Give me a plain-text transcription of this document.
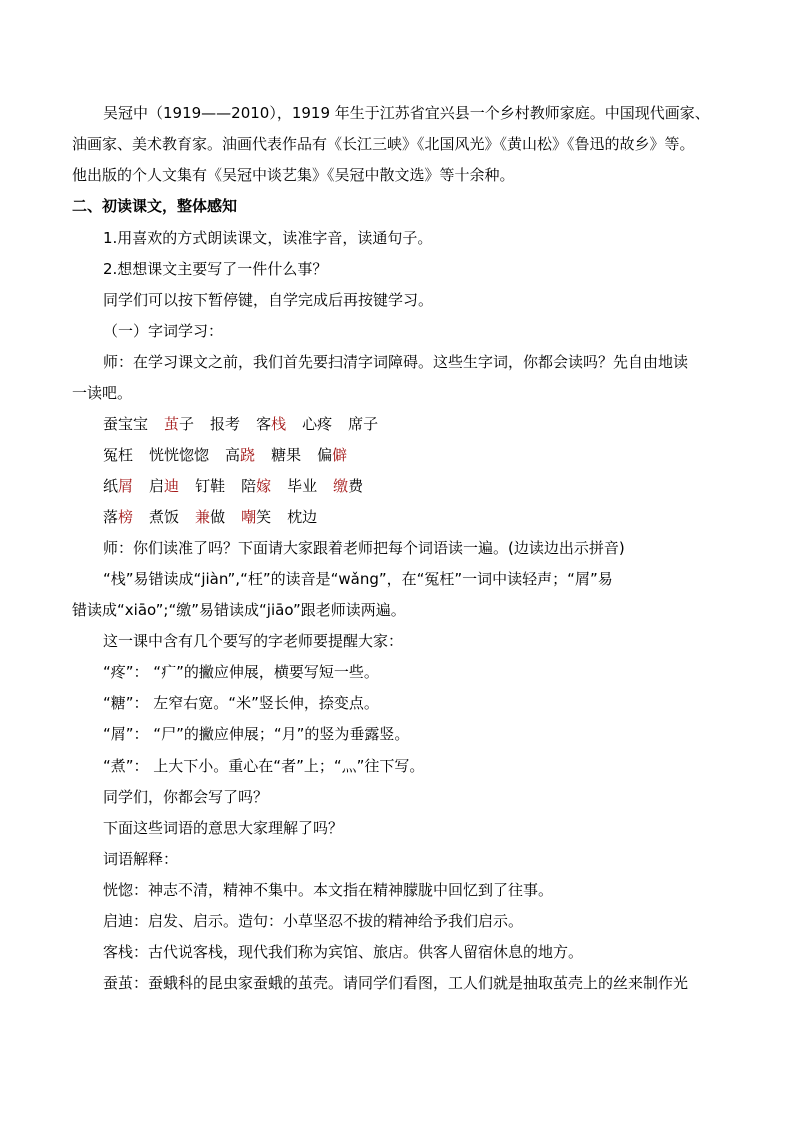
吴冠中（1919——2010），1919 年生于江苏省宜兴县一个乡村教师家庭。中国现代画家、
油画家、美术教育家。油画代表作品有《长江三峡》《北国风光》《黄山松》《鲁迅的故乡》等。
他出版的个人文集有《吴冠中谈艺集》《吴冠中散文选》等十余种。
二、初读课文，整体感知
1.用喜欢的方式朗读课文，读准字音，读通句子。
2.想想课文主要写了一件什么事？
同学们可以按下暂停键，自学完成后再按键学习。
（一）字词学习：
师：在学习课文之前，我们首先要扫清字词障碍。这些生字词，你都会读吗？先自由地读
一读吧。
蚕宝宝 茧子 报考 客栈 心疼 席子
冤枉 恍恍惚惚 高跷 糖果 偏僻
纸屑 启迪 钉鞋 陪嫁 毕业 缴费
落榜 煮饭 兼做 嘲笑 枕边
师：你们读准了吗？下面请大家跟着老师把每个词语读一遍。(边读边出示拼音)
“栈”易错读成“jiàn”,“枉”的读音是“wǎng”，在“冤枉”一词中读轻声；“屑”易
错读成“xiāo”;“缴”易错读成“jiāo”跟老师读两遍。
这一课中含有几个要写的字老师要提醒大家：
“疼”： “疒”的撇应伸展，横要写短一些。
“糖”： 左窄右宽。“米”竖长伸，捺变点。
“屑”： “尸”的撇应伸展；“月”的竖为垂露竖。
“煮”： 上大下小。重心在“者”上；“灬”往下写。
同学们，你都会写了吗？
下面这些词语的意思大家理解了吗？
词语解释：
恍惚：神志不清，精神不集中。本文指在精神朦胧中回忆到了往事。
启迪：启发、启示。造句：小草坚忍不拔的精神给予我们启示。
客栈：古代说客栈，现代我们称为宾馆、旅店。供客人留宿休息的地方。
蚕茧：蚕蛾科的昆虫家蚕蛾的茧壳。请同学们看图，工人们就是抽取茧壳上的丝来制作光
